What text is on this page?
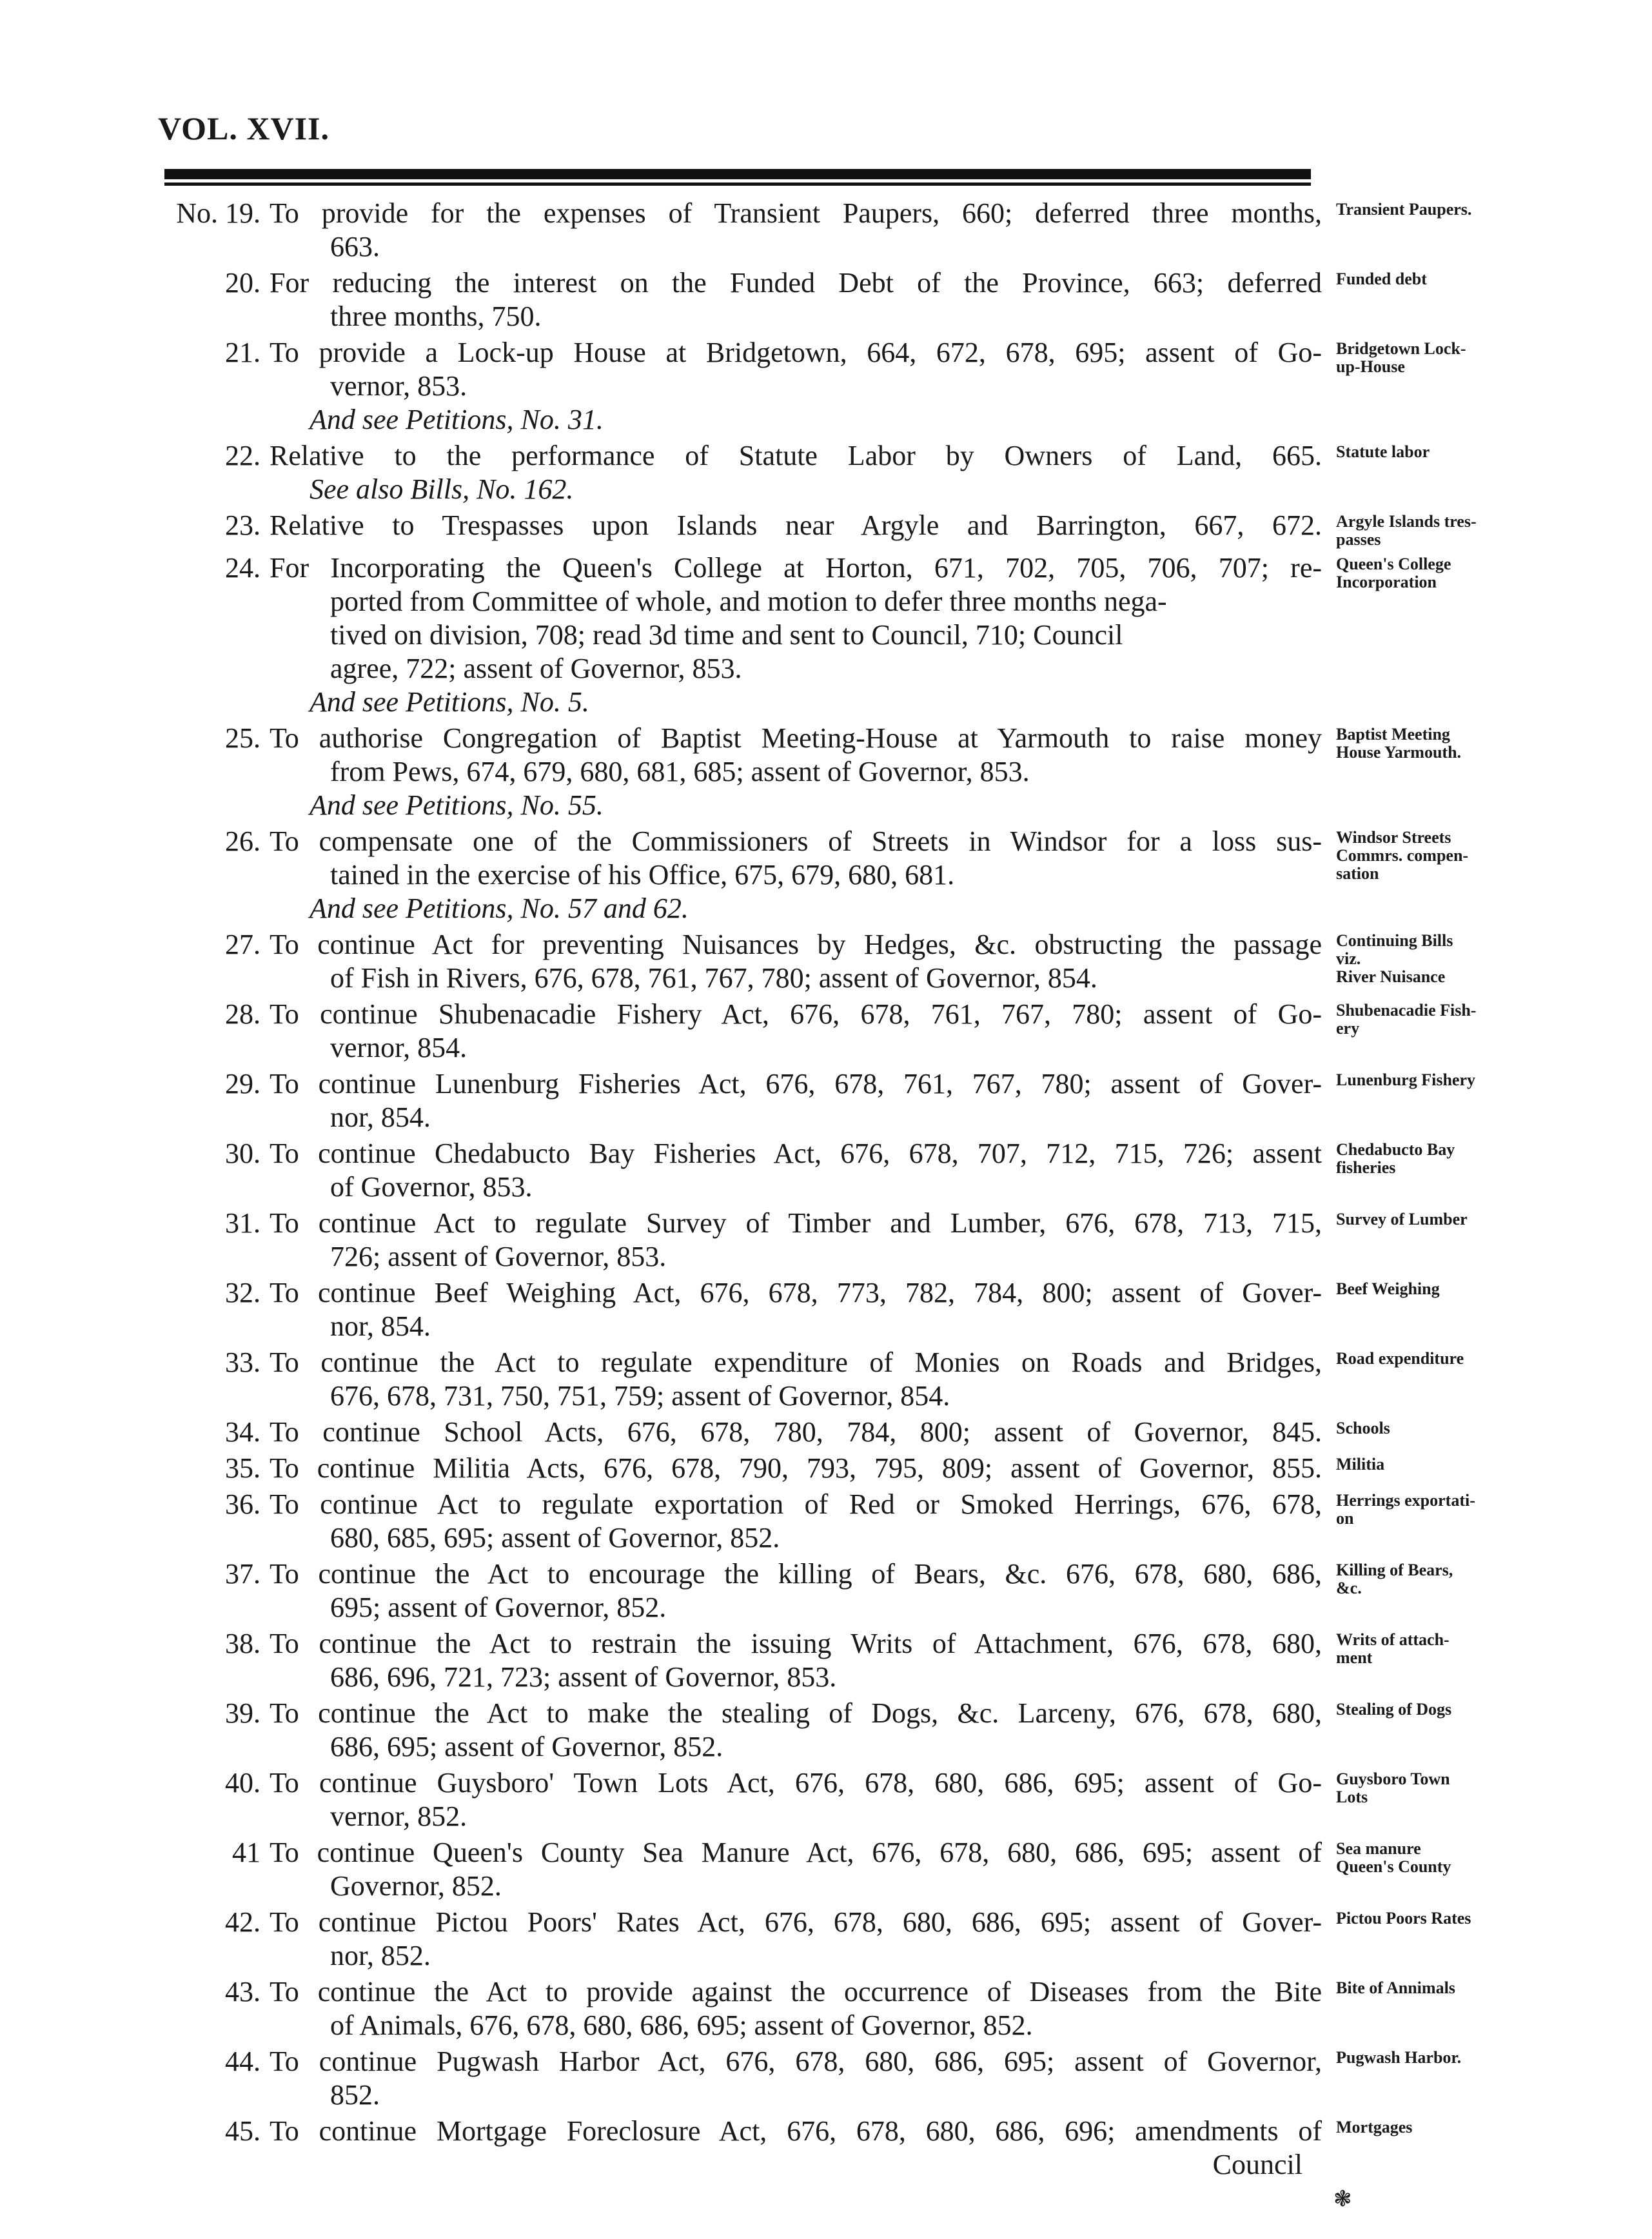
VOL. XVII.
No. 19. To provide for the expenses of Transient Paupers, 660; deferred three months,
663.
Transient Paupers.
20. For reducing the interest on the Funded Debt of the Province, 663; deferred
three months, 750.
Funded debt
21. To provide a Lock-up House at Bridgetown, 664, 672, 678, 695; assent of Go-
vernor, 853.
And see Petitions, No. 31.
Bridgetown Lock-
up-House
22. Relative to the performance of Statute Labor by Owners of Land, 665.
See also Bills, No. 162.
Statute labor
23. Relative to Trespasses upon Islands near Argyle and Barrington, 667, 672. Argyle Islands tres-
passes
24. For Incorporating the Queen's College at Horton, 671, 702, 705, 706, 707; re-
ported from Committee of whole, and motion to defer three months nega-
tived on division, 708; read 3d time and sent to Council, 710; Council
agree, 722; assent of Governor, 853.
And see Petitions, No. 5.
Queen's College
Incorporation
25. To authorise Congregation of Baptist Meeting-House at Yarmouth to raise money
from Pews, 674, 679, 680, 681, 685; assent of Governor, 853.
And see Petitions, No. 55.
Baptist Meeting
House Yarmouth.
26. To compensate one of the Commissioners of Streets in Windsor for a loss sus-
tained in the exercise of his Office, 675, 679, 680, 681.
And see Petitions, No. 57 and 62.
Windsor Streets
Commrs. compen-
sation
27. To continue Act for preventing Nuisances by Hedges, &c. obstructing the passage
of Fish in Rivers, 676, 678, 761, 767, 780; assent of Governor, 854.
Continuing Bills
viz.
River Nuisance
28. To continue Shubenacadie Fishery Act, 676, 678, 761, 767, 780; assent of Go-
vernor, 854.
Shubenacadie Fish-
ery
29. To continue Lunenburg Fisheries Act, 676, 678, 761, 767, 780; assent of Gover-
nor, 854.
Lunenburg Fishery
30. To continue Chedabucto Bay Fisheries Act, 676, 678, 707, 712, 715, 726; assent
of Governor, 853.
Chedabucto Bay
fisheries
31. To continue Act to regulate Survey of Timber and Lumber, 676, 678, 713, 715,
726; assent of Governor, 853.
Survey of Lumber
32. To continue Beef Weighing Act, 676, 678, 773, 782, 784, 800; assent of Gover-
nor, 854.
Beef Weighing
33. To continue the Act to regulate expenditure of Monies on Roads and Bridges,
676, 678, 731, 750, 751, 759; assent of Governor, 854.
Road expenditure
34. To continue School Acts, 676, 678, 780, 784, 800; assent of Governor, 845. Schools
35. To continue Militia Acts, 676, 678, 790, 793, 795, 809; assent of Governor, 855. Militia
36. To continue Act to regulate exportation of Red or Smoked Herrings, 676, 678,
680, 685, 695; assent of Governor, 852.
Herrings exportati-
on
37. To continue the Act to encourage the killing of Bears, &c. 676, 678, 680, 686,
695; assent of Governor, 852.
Killing of Bears,
&c.
38. To continue the Act to restrain the issuing Writs of Attachment, 676, 678, 680,
686, 696, 721, 723; assent of Governor, 853.
Writs of attach-
ment
39. To continue the Act to make the stealing of Dogs, &c. Larceny, 676, 678, 680,
686, 695; assent of Governor, 852.
Stealing of Dogs
40. To continue Guysboro' Town Lots Act, 676, 678, 680, 686, 695; assent of Go-
vernor, 852.
Guysboro Town
Lots
41 To continue Queen's County Sea Manure Act, 676, 678, 680, 686, 695; assent of
Governor, 852.
Sea manure
Queen's County
42. To continue Pictou Poors' Rates Act, 676, 678, 680, 686, 695; assent of Gover-
nor, 852.
Pictou Poors Rates
43. To continue the Act to provide against the occurrence of Diseases from the Bite
of Animals, 676, 678, 680, 686, 695; assent of Governor, 852.
Bite of Annimals
44. To continue Pugwash Harbor Act, 676, 678, 680, 686, 695; assent of Governor,
852.
Pugwash Harbor.
45. To continue Mortgage Foreclosure Act, 676, 678, 680, 686, 696; amendments of
Council
Mortgages
❃
